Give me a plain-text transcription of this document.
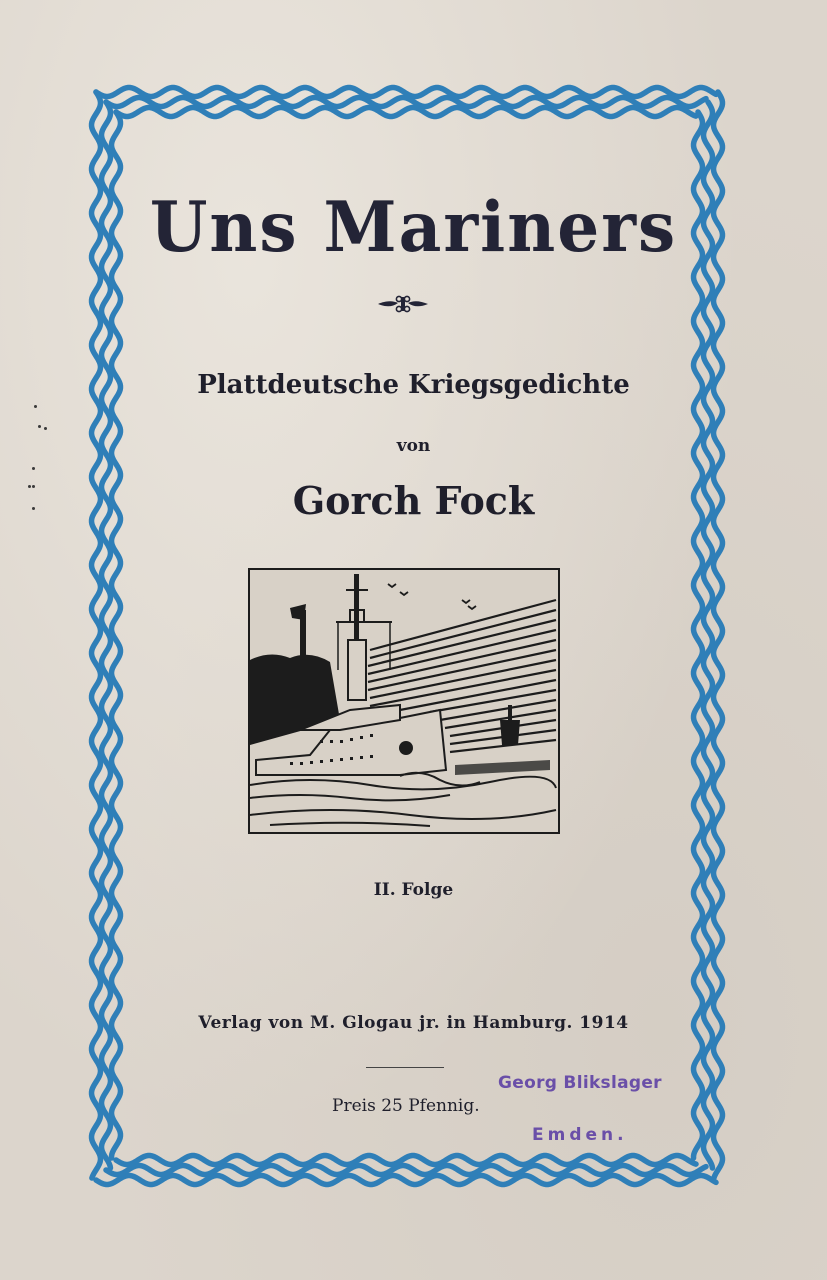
Uns Mariners
Plattdeutsche Kriegsgedichte
von
Gorch Fock
II. Folge
Verlag von M. Glogau jr. in Hamburg. 1914
Preis 25 Pfennig.
Georg Blikslager
Emden.
